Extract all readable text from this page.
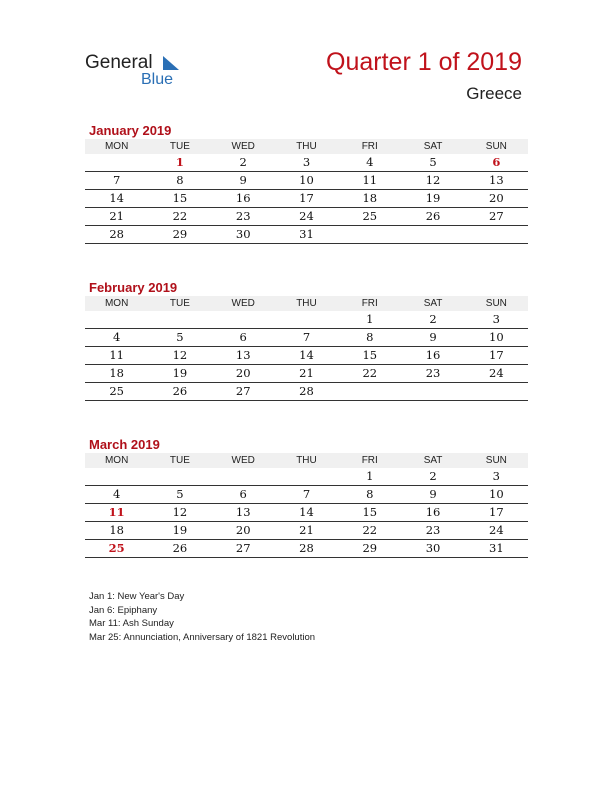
General
Blue
Quarter 1 of 2019
Greece
January 2019
MON	TUE	WED	THU	FRI	SAT	SUN
	1	2	3	4	5	6
7	8	9	10	11	12	13
14	15	16	17	18	19	20
21	22	23	24	25	26	27
28	29	30	31			
February 2019
MON	TUE	WED	THU	FRI	SAT	SUN
				1	2	3
4	5	6	7	8	9	10
11	12	13	14	15	16	17
18	19	20	21	22	23	24
25	26	27	28			
March 2019
MON	TUE	WED	THU	FRI	SAT	SUN
				1	2	3
4	5	6	7	8	9	10
11	12	13	14	15	16	17
18	19	20	21	22	23	24
25	26	27	28	29	30	31
Jan 1: New Year's Day
Jan 6: Epiphany
Mar 11: Ash Sunday
Mar 25: Annunciation, Anniversary of 1821 Revolution
